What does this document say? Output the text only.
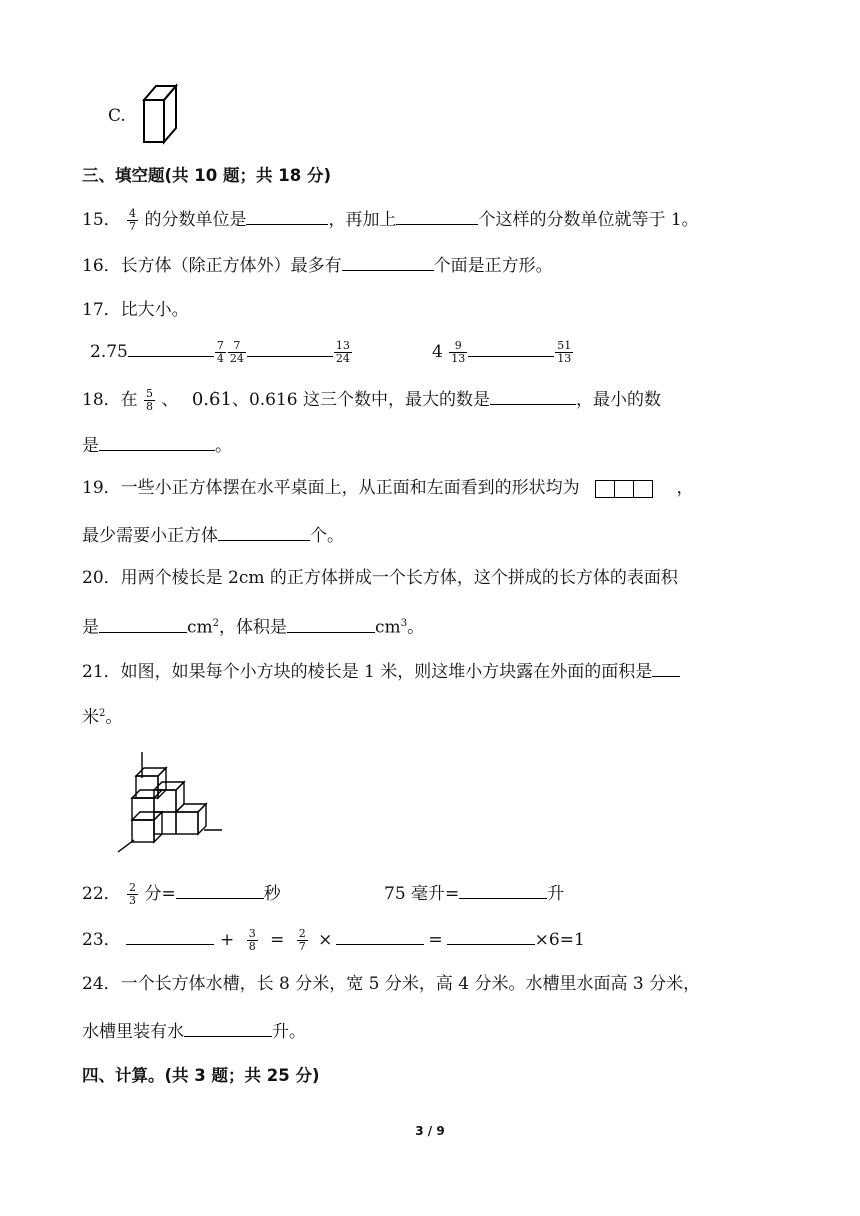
C.
三、填空题(共 10 题；共 18 分)
15． $\frac{4}{7}$ 的分数单位是	，再加上	个这样的分数单位就等于 1。
16．长方体（除正方体外）最多有	个面是正方形。
17．比大小。
2.75	$\frac{7}{4} \frac{7}{24}$	$\frac{13}{24}$	$4 \frac{9}{13}$	$\frac{51}{13}$
18．在 $\frac{5}{8}$ 、 0.. 6. 1、0.616 这三个数中，最大的数是	，最小的数
是	。
19．一些小正方体摆在水平桌面上，从正面和左面看到的形状均为	，
最少需要小正方体	个。
20．用两个棱长是 2cm 的正方体拼成一个长方体，这个拼成的长方体的表面积
是	$cm^2$，体积是	$cm^3$。
21．如图，如果每个小方块的棱长是 1 米，则这堆小方块露在外面的面积是
米$^2$。
22． $\frac{2}{3}$ 分=	秒	75 毫升=	升
23．	+ $\frac{3}{8} = \frac{2}{7}$ ×	=	×6=1
24．一个长方体水槽，长 8 分米，宽 5 分米，高 4 分米。水槽里水面高 3 分米，
水槽里装有水	升。
四、计算。(共 3 题；共 25 分)
3 / 9
